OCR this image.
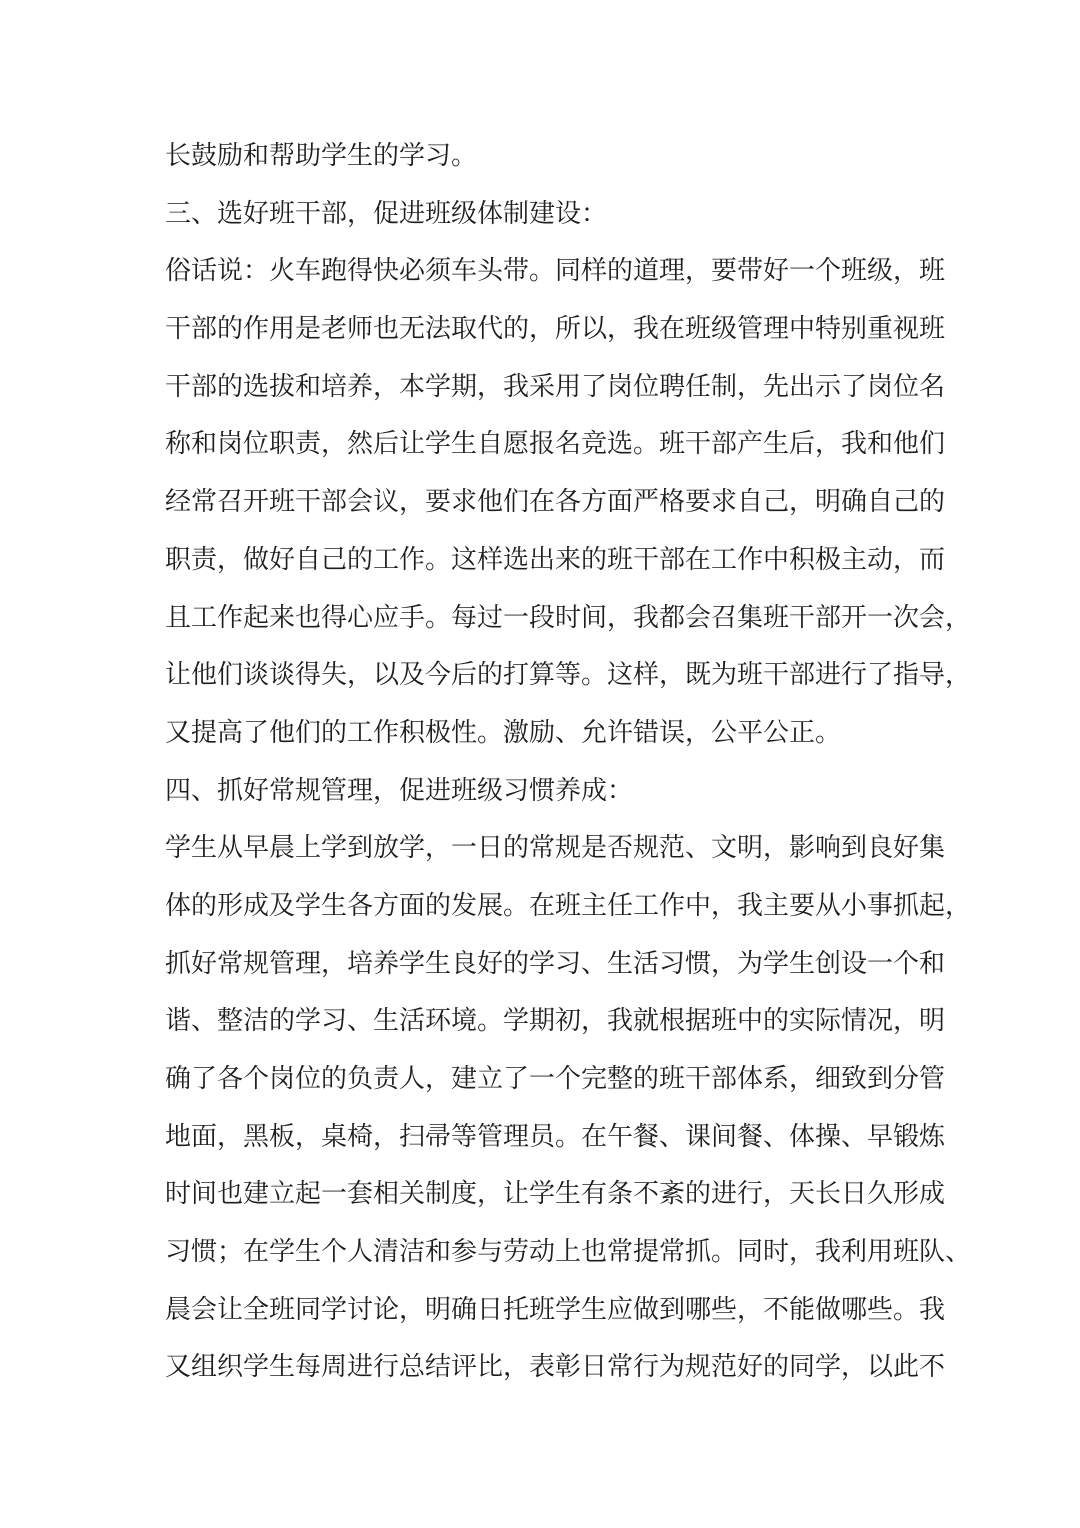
长鼓励和帮助学生的学习。
三、选好班干部，促进班级体制建设：
俗话说：火车跑得快必须车头带。同样的道理，要带好一个班级，班
干部的作用是老师也无法取代的，所以，我在班级管理中特别重视班
干部的选拔和培养，本学期，我采用了岗位聘任制，先出示了岗位名
称和岗位职责，然后让学生自愿报名竞选。班干部产生后，我和他们
经常召开班干部会议，要求他们在各方面严格要求自己，明确自己的
职责，做好自己的工作。这样选出来的班干部在工作中积极主动，而
且工作起来也得心应手。每过一段时间，我都会召集班干部开一次会，
让他们谈谈得失，以及今后的打算等。这样，既为班干部进行了指导，
又提高了他们的工作积极性。激励、允许错误，公平公正。
四、抓好常规管理，促进班级习惯养成：
学生从早晨上学到放学，一日的常规是否规范、文明，影响到良好集
体的形成及学生各方面的发展。在班主任工作中，我主要从小事抓起，
抓好常规管理，培养学生良好的学习、生活习惯，为学生创设一个和
谐、整洁的学习、生活环境。学期初，我就根据班中的实际情况，明
确了各个岗位的负责人，建立了一个完整的班干部体系，细致到分管
地面，黑板，桌椅，扫帚等管理员。在午餐、课间餐、体操、早锻炼
时间也建立起一套相关制度，让学生有条不紊的进行，天长日久形成
习惯；在学生个人清洁和参与劳动上也常提常抓。同时，我利用班队、
晨会让全班同学讨论，明确日托班学生应做到哪些，不能做哪些。我
又组织学生每周进行总结评比，表彰日常行为规范好的同学，以此不
